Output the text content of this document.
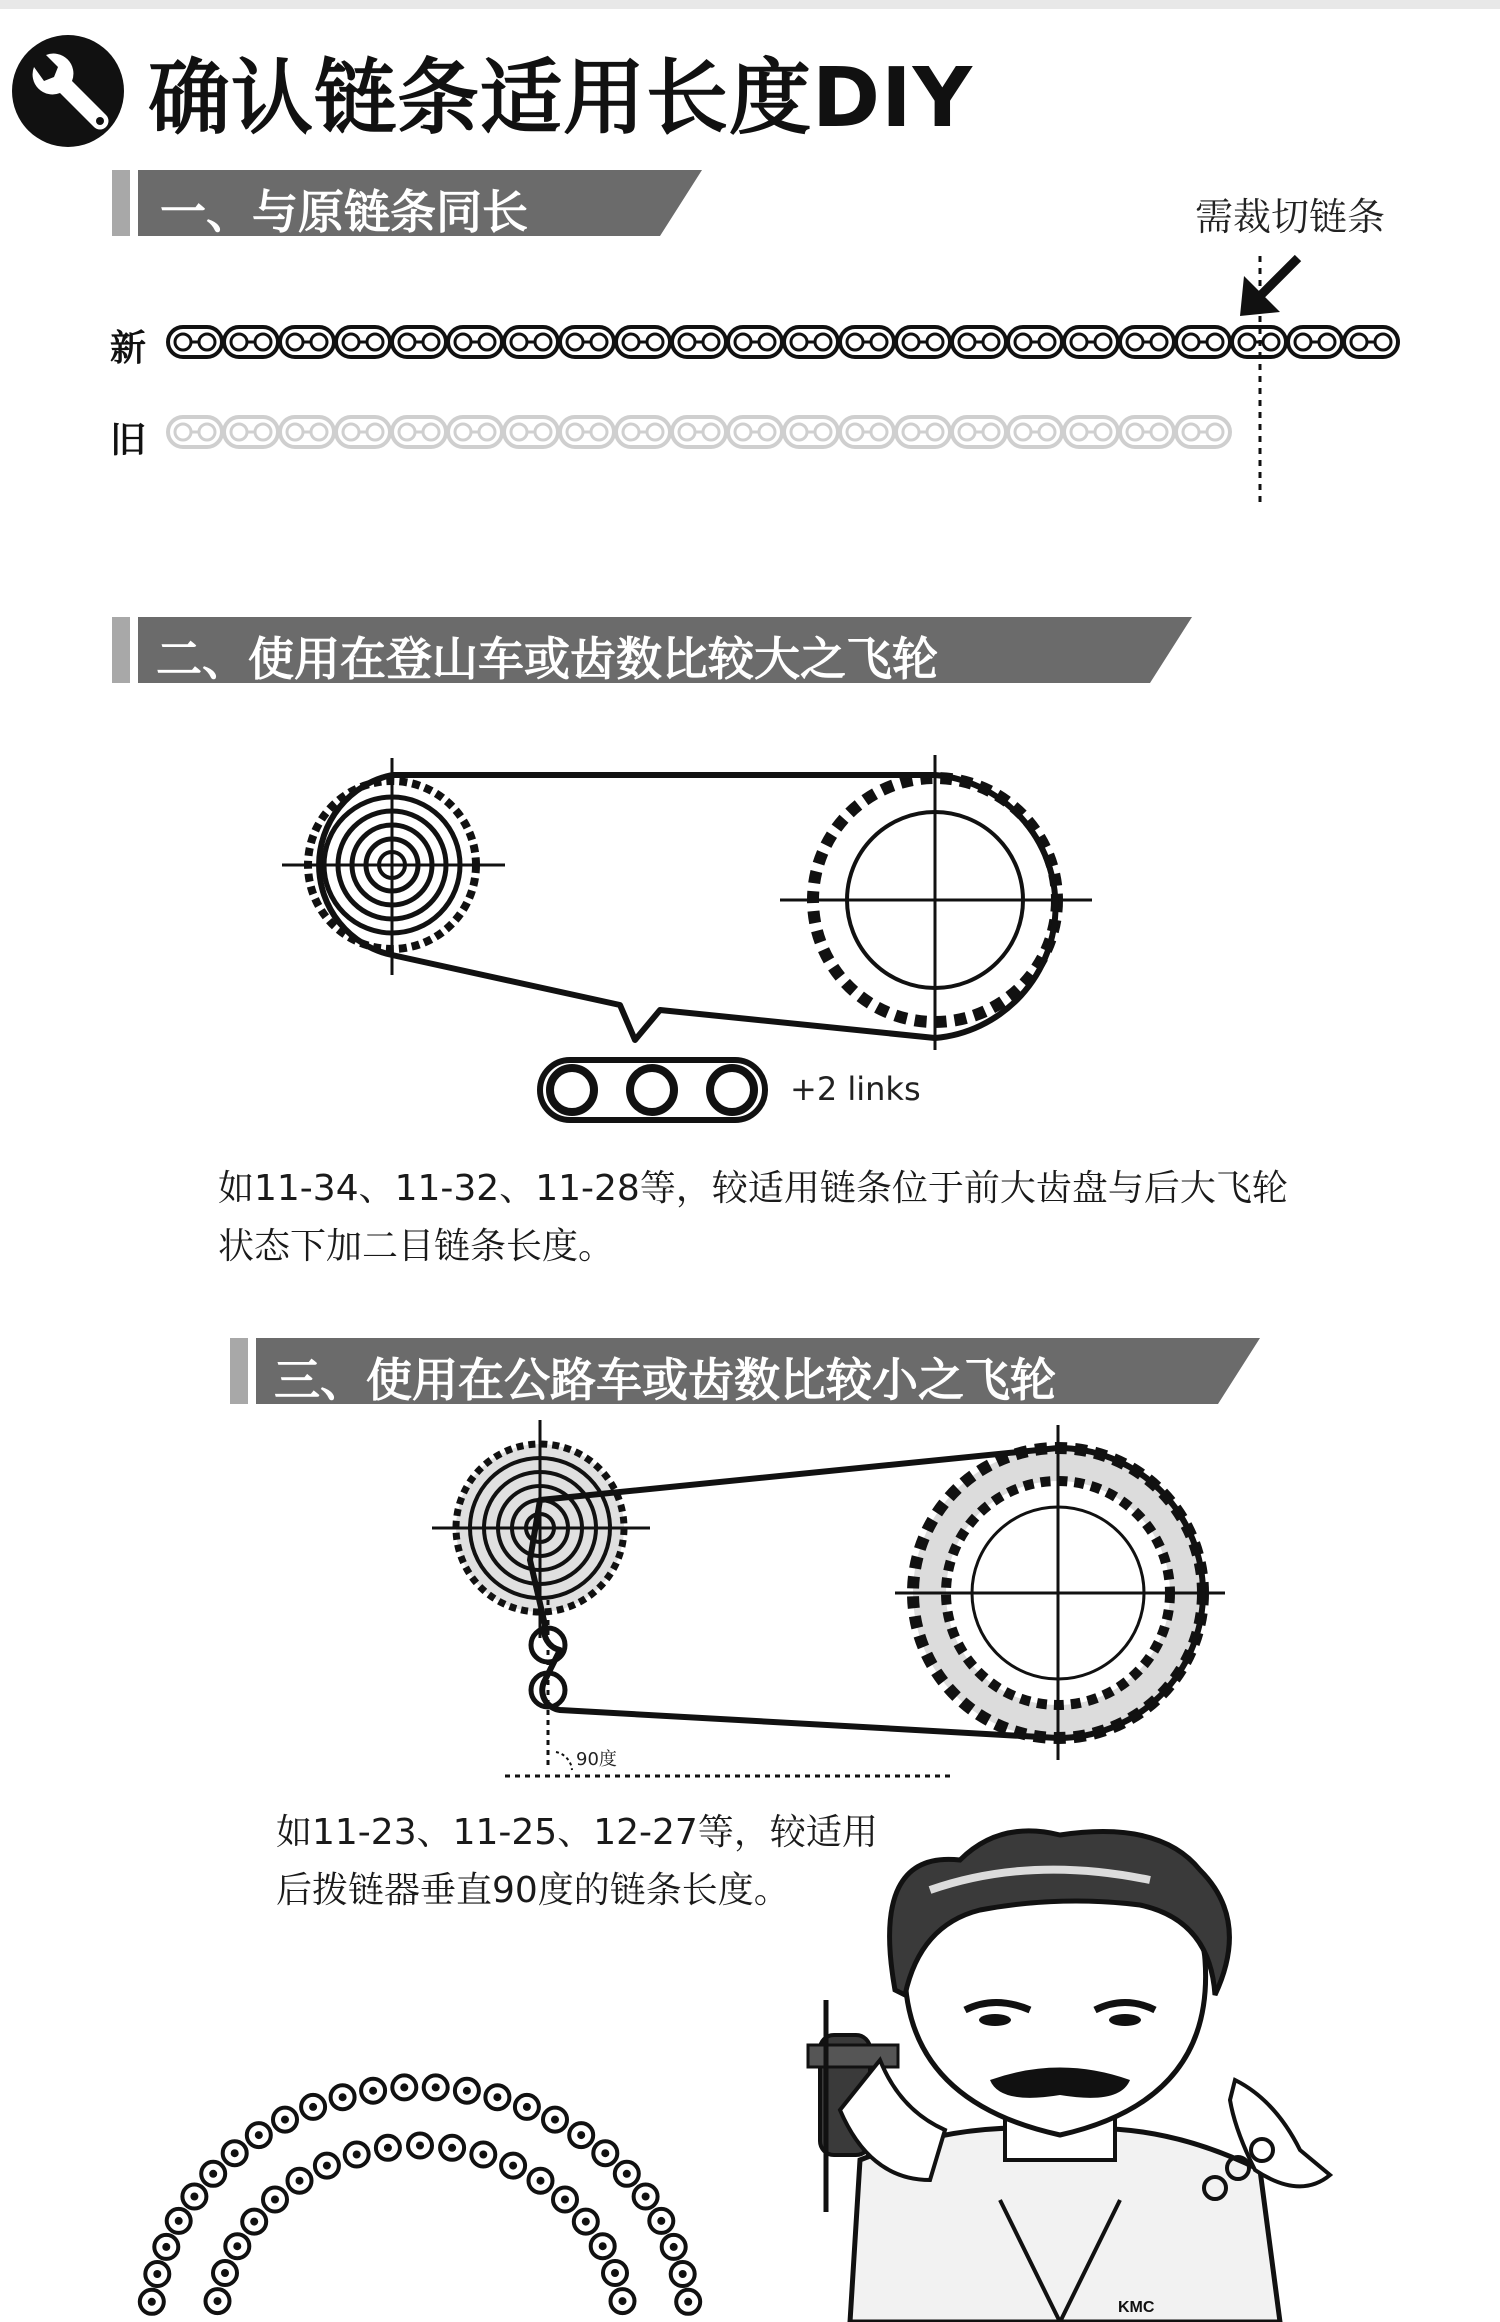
确认链条适用长度DIY
一、与原链条同长	需裁切链条
新
旧
二、使用在登山车或齿数比较大之飞轮
+2 links
如11-34、11-32、11-28等，较适用链条位于前大齿盘与后大飞轮
状态下加二目链条长度。
三、使用在公路车或齿数比较小之飞轮
90度
如11-23、11-25、12-27等，较适用
后拨链器垂直90度的链条长度。
KMC
